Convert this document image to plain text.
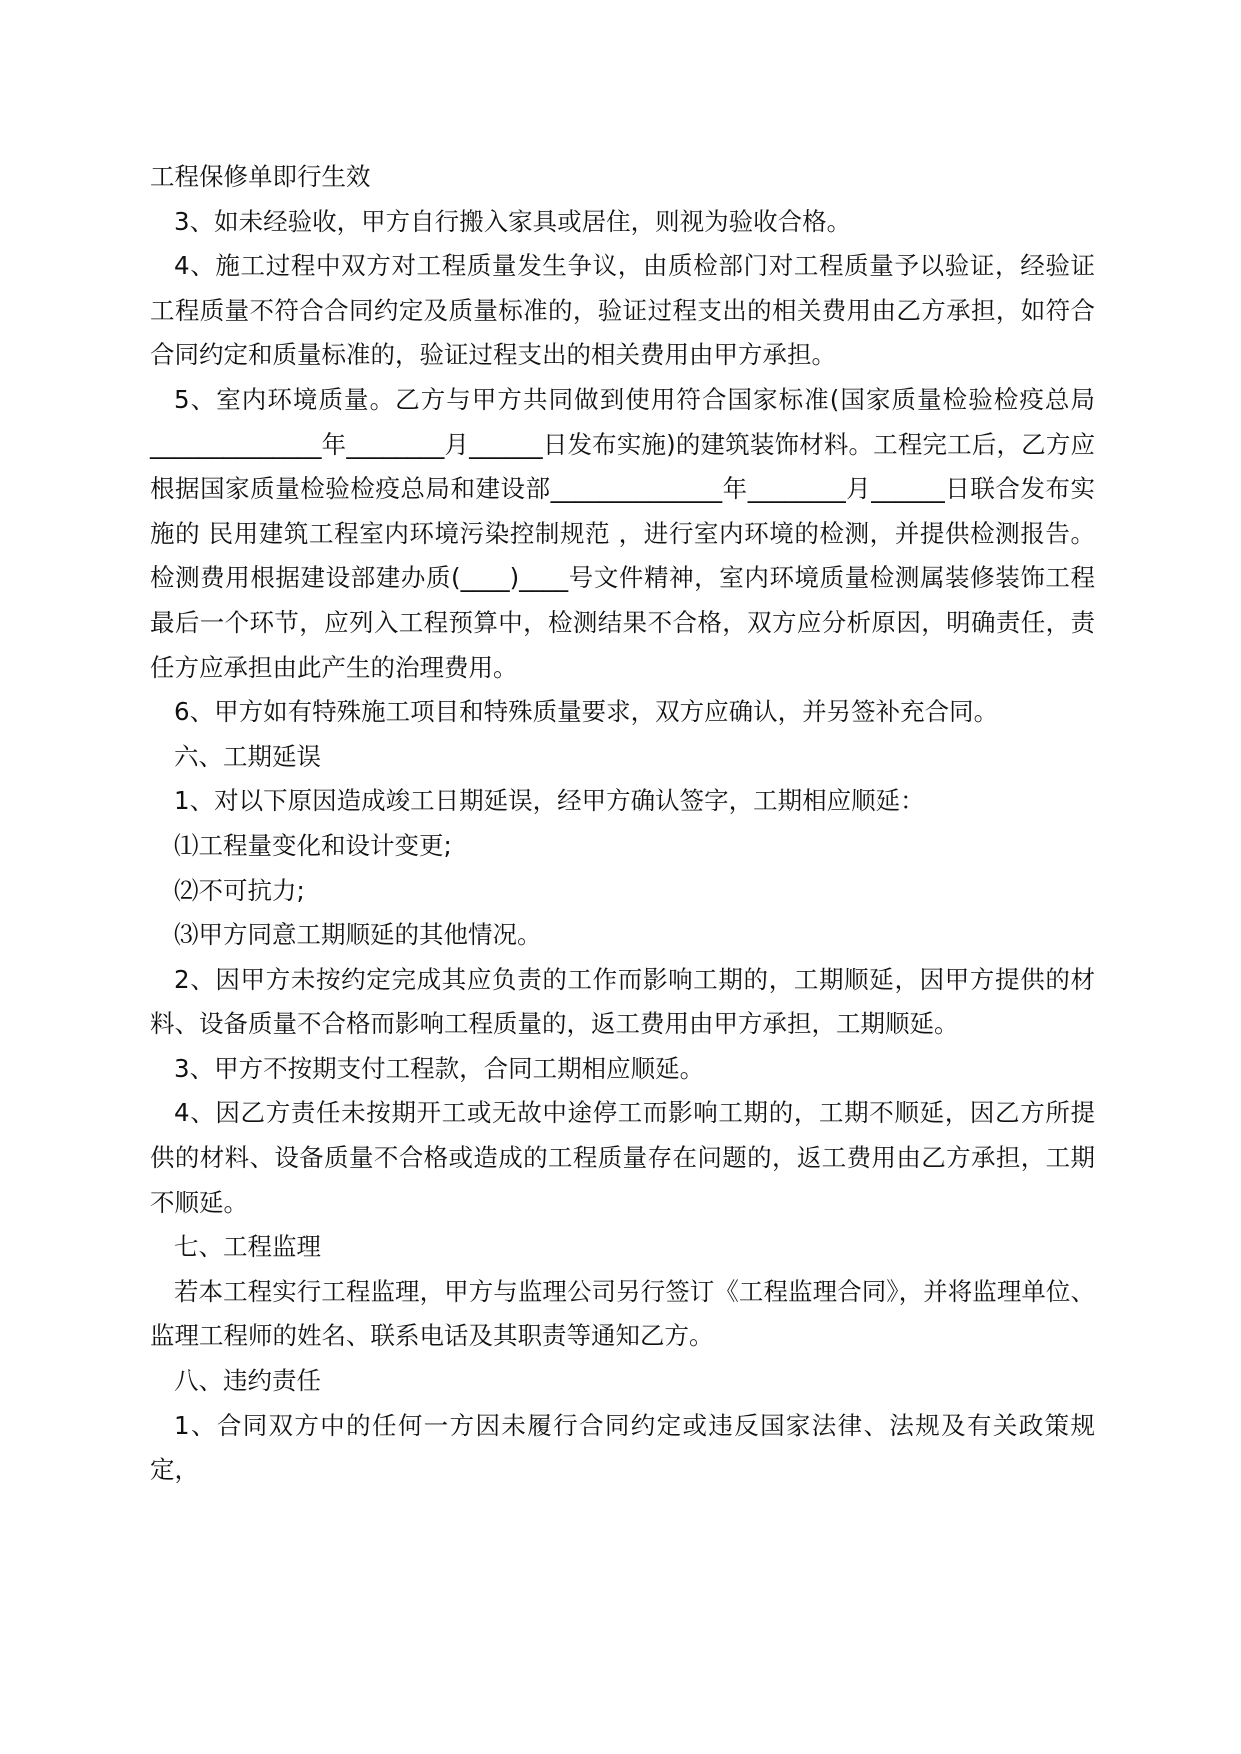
工程保修单即行生效

3、如未经验收，甲方自行搬入家具或居住，则视为验收合格。

4、施工过程中双方对工程质量发生争议，由质检部门对工程质量予以验证，经验证工程质量不符合合同约定及质量标准的，验证过程支出的相关费用由乙方承担，如符合合同约定和质量标准的，验证过程支出的相关费用由甲方承担。

5、室内环境质量。乙方与甲方共同做到使用符合国家标准(国家质量检验检疫总局______________年________月______日发布实施)的建筑装饰材料。工程完工后，乙方应根据国家质量检验检疫总局和建设部______________年________月______日联合发布实施的 民用建筑工程室内环境污染控制规范 ，进行室内环境的检测，并提供检测报告。检测费用根据建设部建办质(____)____号文件精神，室内环境质量检测属装修装饰工程最后一个环节，应列入工程预算中，检测结果不合格，双方应分析原因，明确责任，责任方应承担由此产生的治理费用。

6、甲方如有特殊施工项目和特殊质量要求，双方应确认，并另签补充合同。

六、工期延误

1、对以下原因造成竣工日期延误，经甲方确认签字，工期相应顺延：

⑴工程量变化和设计变更;

⑵不可抗力;

⑶甲方同意工期顺延的其他情况。

2、因甲方未按约定完成其应负责的工作而影响工期的，工期顺延，因甲方提供的材料、设备质量不合格而影响工程质量的，返工费用由甲方承担，工期顺延。

3、甲方不按期支付工程款，合同工期相应顺延。

4、因乙方责任未按期开工或无故中途停工而影响工期的，工期不顺延，因乙方所提供的材料、设备质量不合格或造成的工程质量存在问题的，返工费用由乙方承担，工期不顺延。

七、工程监理

若本工程实行工程监理，甲方与监理公司另行签订《工程监理合同》，并将监理单位、监理工程师的姓名、联系电话及其职责等通知乙方。

八、违约责任

1、合同双方中的任何一方因未履行合同约定或违反国家法律、法规及有关政策规定，
